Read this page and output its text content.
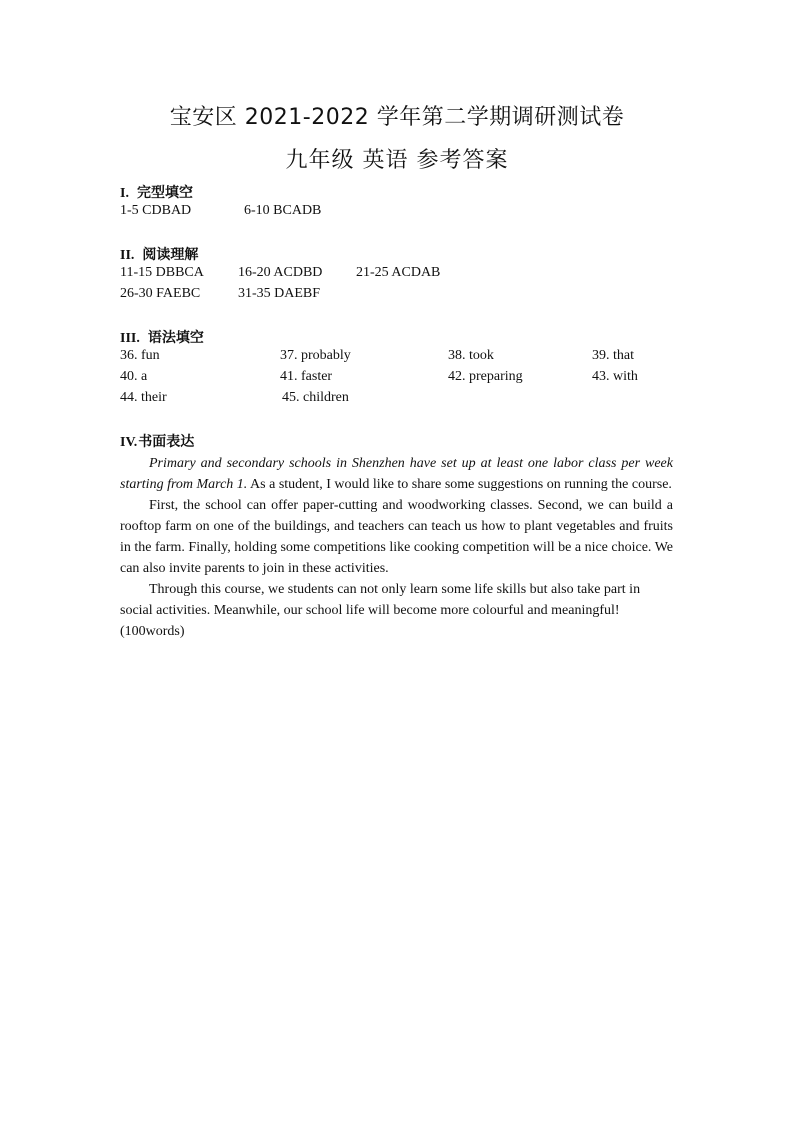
宝安区 2021-2022 学年第二学期调研测试卷
九年级 英语 参考答案
I. 完型填空
1-5 CDBAD	6-10 BCADB
II. 阅读理解
11-15 DBBCA 16-20 ACDBD 21-25 ACDAB
26-30 FAEBC	31-35 DAEBF
III. 语法填空
36. fun	37. probably	38. took	39. that
40. a	41. faster	42. preparing	43. with
44. their	45. children
IV.书面表达

Primary and secondary schools in Shenzhen have set up at least one labor class per week starting from March 1. As a student, I would like to share some suggestions on running the course.

First, the school can offer paper-cutting and woodworking classes. Second, we can build a rooftop farm on one of the buildings, and teachers can teach us how to plant vegetables and fruits in the farm. Finally, holding some competitions like cooking competition will be a nice choice. We can also invite parents to join in these activities.

Through this course, we students can not only learn some life skills but also take part in social activities. Meanwhile, our school life will become more colourful and meaningful!(100words)
